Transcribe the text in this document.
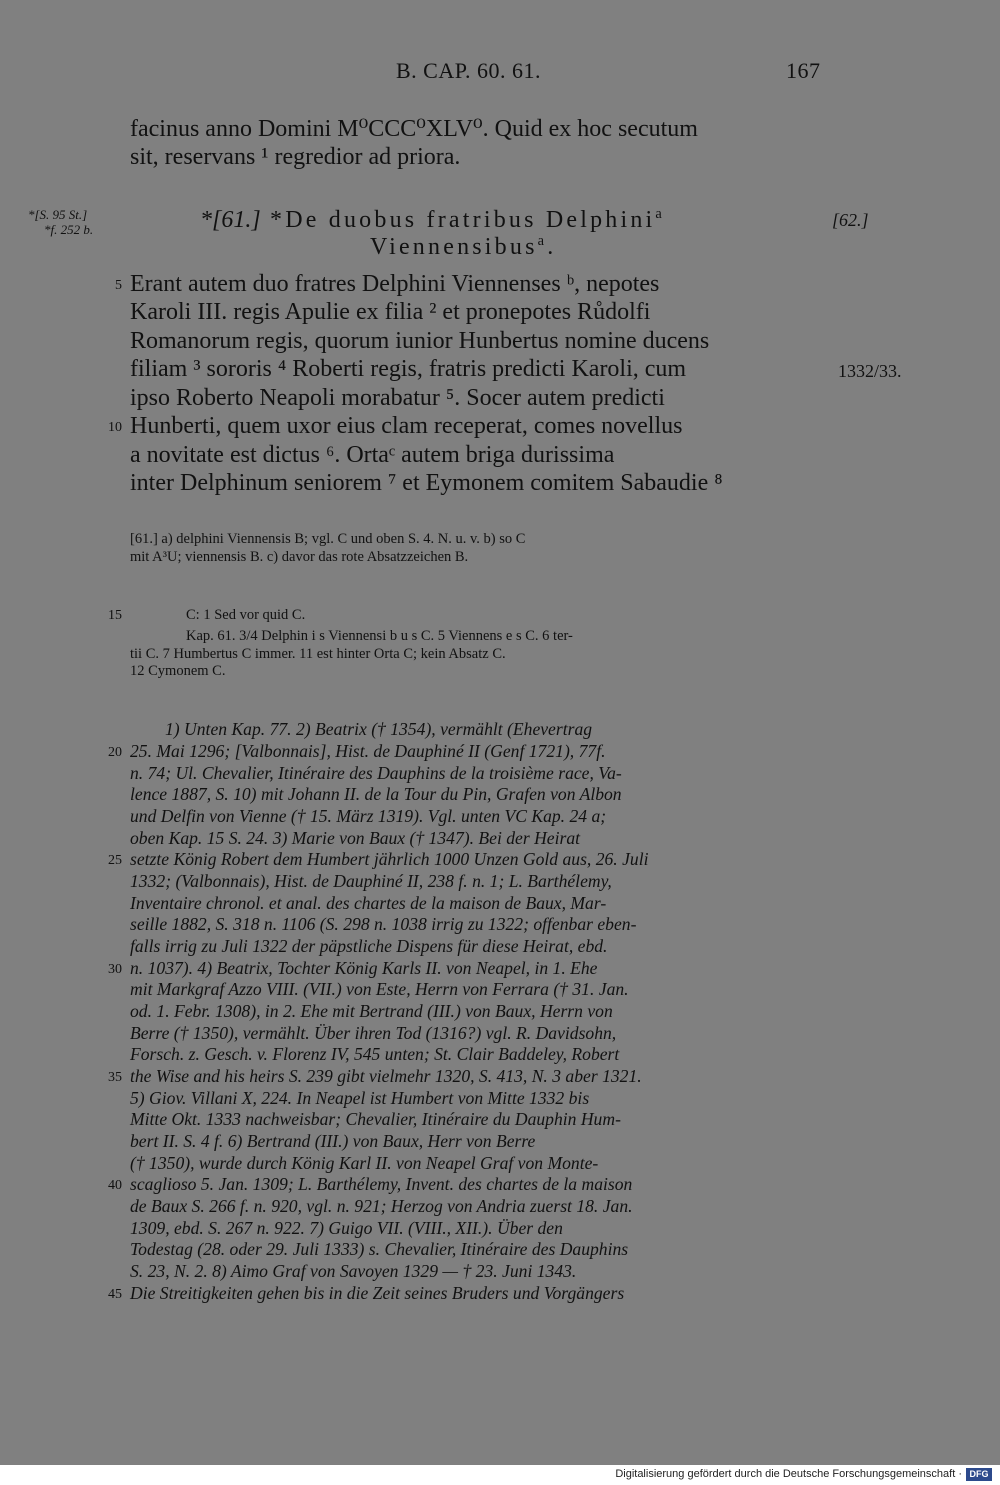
B. CAP. 60. 61.	167
facinus anno Domini M⁰CCC⁰XLV⁰. Quid ex hoc secutum
sit, reservans ¹ regredior ad priora.
*[S. 95 St.]
*f. 252 b.	*[61.] *De duobus fratribus Delphini$^a$
Viennensibus$^a$.
[62.]
5 Erant autem duo fratres Delphini Viennenses ᵇ, nepotes
Karoli III. regis Apulie ex filia ² et pronepotes Růdolfi
Romanorum regis, quorum iunior Hunbertus nomine ducens
filiam ³ sororis ⁴ Roberti regis, fratris predicti Karoli, cum	1332/33.
ipso Roberto Neapoli morabatur ⁵. Socer autem predicti
10 Hunberti, quem uxor eius clam receperat, comes novellus
a novitate est dictus ⁶. Ortaᶜ autem briga durissima
inter Delphinum seniorem ⁷ et Eymonem comitem Sabaudie ⁸
[61.] a) delphini Viennensis B; vgl. C und oben S. 4. N. u. v. b) so C
mit A³U; viennensis B. c) davor das rote Absatzzeichen B.
15	C: 1 Sed vor quid C.
Kap. 61. 3/4 Delphin i s Viennensi b u s C. 5 Viennens e s C. 6 ter-
tii C. 7 Humbertus C immer. 11 est hinter Orta C; kein Absatz C.
12 Cymonem C.
1) Unten Kap. 77. 2) Beatrix († 1354), vermählt (Ehevertrag
20 25. Mai 1296; [Valbonnais], Hist. de Dauphiné II (Genf 1721), 77f.
n. 74; Ul. Chevalier, Itinéraire des Dauphins de la troisième race, Va-
lence 1887, S. 10) mit Johann II. de la Tour du Pin, Grafen von Albon
und Delfin von Vienne († 15. März 1319). Vgl. unten VC Kap. 24 a;
oben Kap. 15 S. 24. 3) Marie von Baux († 1347). Bei der Heirat
25 setzte König Robert dem Humbert jährlich 1000 Unzen Gold aus, 26. Juli
1332; (Valbonnais), Hist. de Dauphiné II, 238 f. n. 1; L. Barthélemy,
Inventaire chronol. et anal. des chartes de la maison de Baux, Mar-
seille 1882, S. 318 n. 1106 (S. 298 n. 1038 irrig zu 1322; offenbar eben-
falls irrig zu Juli 1322 der päpstliche Dispens für diese Heirat, ebd.
30 n. 1037). 4) Beatrix, Tochter König Karls II. von Neapel, in 1. Ehe
mit Markgraf Azzo VIII. (VII.) von Este, Herrn von Ferrara († 31. Jan.
od. 1. Febr. 1308), in 2. Ehe mit Bertrand (III.) von Baux, Herrn von
Berre († 1350), vermählt. Über ihren Tod (1316?) vgl. R. Davidsohn,
Forsch. z. Gesch. v. Florenz IV, 545 unten; St. Clair Baddeley, Robert
35 the Wise and his heirs S. 239 gibt vielmehr 1320, S. 413, N. 3 aber 1321.
5) Giov. Villani X, 224. In Neapel ist Humbert von Mitte 1332 bis
Mitte Okt. 1333 nachweisbar; Chevalier, Itinéraire du Dauphin Hum-
bert II. S. 4 f. 6) Bertrand (III.) von Baux, Herr von Berre
(† 1350), wurde durch König Karl II. von Neapel Graf von Monte-
40 scaglioso 5. Jan. 1309; L. Barthélemy, Invent. des chartes de la maison
de Baux S. 266 f. n. 920, vgl. n. 921; Herzog von Andria zuerst 18. Jan.
1309, ebd. S. 267 n. 922. 7) Guigo VII. (VIII., XII.). Über den
Todestag (28. oder 29. Juli 1333) s. Chevalier, Itinéraire des Dauphins
S. 23, N. 2. 8) Aimo Graf von Savoyen 1329 — † 23. Juni 1343.
45 Die Streitigkeiten gehen bis in die Zeit seines Bruders und Vorgängers
Digitalisierung gefördert durch die Deutsche Forschungsgemeinschaft · DFG
